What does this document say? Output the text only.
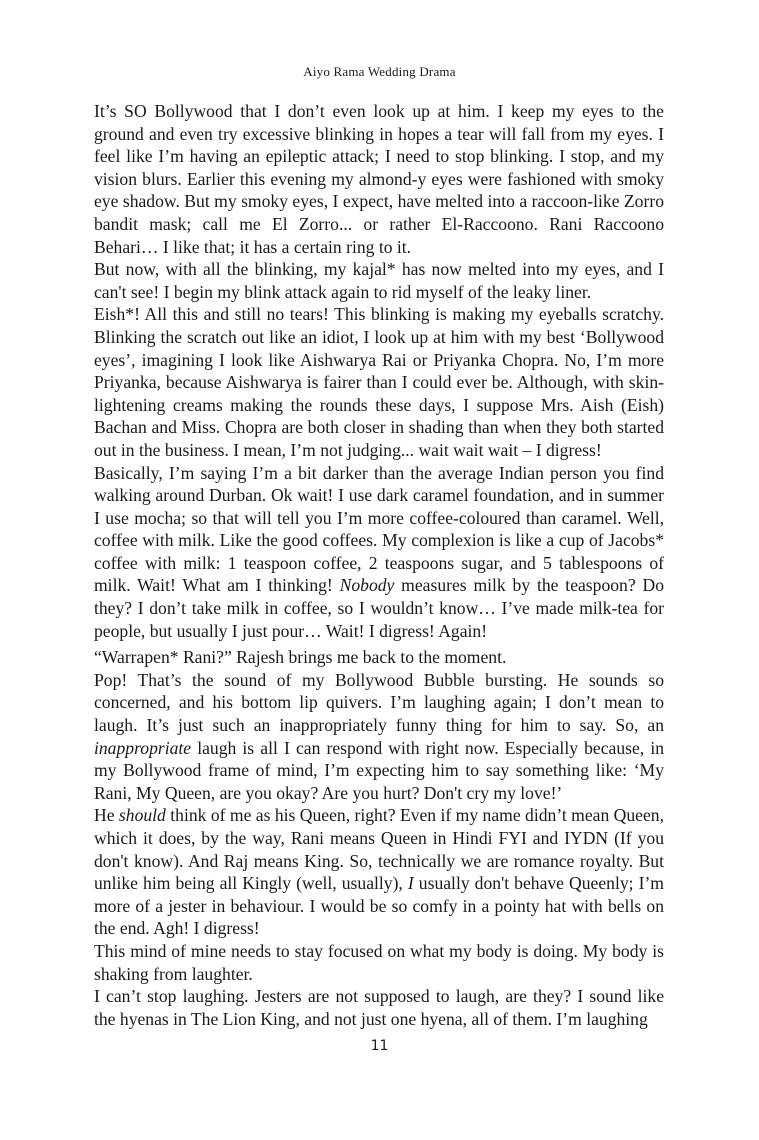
Aiyo Rama Wedding Drama

It’s SO Bollywood that I don’t even look up at him. I keep my eyes to the ground and even try excessive blinking in hopes a tear will fall from my eyes. I feel like I’m having an epileptic attack; I need to stop blinking. I stop, and my vision blurs. Earlier this evening my almond-y eyes were fashioned with smoky eye shadow. But my smoky eyes, I expect, have melted into a raccoon-like Zorro bandit mask; call me El Zorro... or rather El-Raccoono. Rani Raccoono Behari… I like that; it has a certain ring to it.

But now, with all the blinking, my kajal* has now melted into my eyes, and I can't see! I begin my blink attack again to rid myself of the leaky liner.

Eish*! All this and still no tears! This blinking is making my eyeballs scratchy. Blinking the scratch out like an idiot, I look up at him with my best ‘Bollywood eyes’, imagining I look like Aishwarya Rai or Priyanka Chopra. No, I’m more Priyanka, because Aishwarya is fairer than I could ever be. Although, with skin-lightening creams making the rounds these days, I suppose Mrs. Aish (Eish) Bachan and Miss. Chopra are both closer in shading than when they both started out in the business. I mean, I’m not judging... wait wait wait – I digress!

Basically, I’m saying I’m a bit darker than the average Indian person you find walking around Durban. Ok wait! I use dark caramel foundation, and in summer I use mocha; so that will tell you I’m more coffee-coloured than caramel. Well, coffee with milk. Like the good coffees. My complexion is like a cup of Jacobs* coffee with milk: 1 teaspoon coffee, 2 teaspoons sugar, and 5 tablespoons of milk. Wait! What am I thinking! Nobody measures milk by the teaspoon? Do they? I don’t take milk in coffee, so I wouldn’t know… I’ve made milk-tea for people, but usually I just pour… Wait! I digress! Again!

“Warrapen* Rani?” Rajesh brings me back to the moment.

Pop! That’s the sound of my Bollywood Bubble bursting. He sounds so concerned, and his bottom lip quivers. I’m laughing again; I don’t mean to laugh. It’s just such an inappropriately funny thing for him to say. So, an inappropriate laugh is all I can respond with right now. Especially because, in my Bollywood frame of mind, I’m expecting him to say something like: ‘My Rani, My Queen, are you okay? Are you hurt? Don't cry my love!’

He should think of me as his Queen, right? Even if my name didn’t mean Queen, which it does, by the way, Rani means Queen in Hindi FYI and IYDN (If you don't know). And Raj means King. So, technically we are romance royalty. But unlike him being all Kingly (well, usually), I usually don't behave Queenly; I’m more of a jester in behaviour. I would be so comfy in a pointy hat with bells on the end. Agh! I digress!

This mind of mine needs to stay focused on what my body is doing. My body is shaking from laughter.

I can’t stop laughing. Jesters are not supposed to laugh, are they? I sound like the hyenas in The Lion King, and not just one hyena, all of them. I’m laughing

11
